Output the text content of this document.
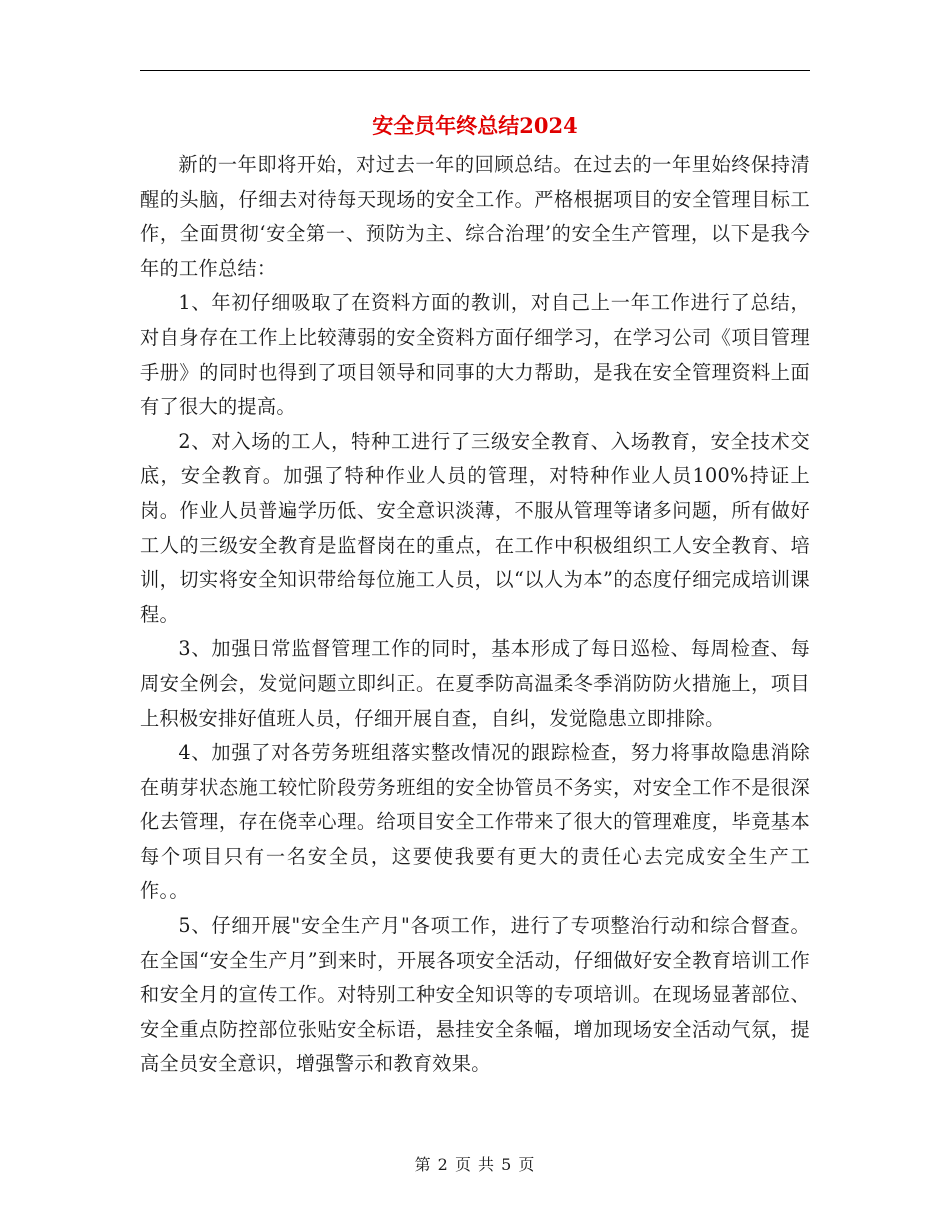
安全员年终总结2024

新的一年即将开始，对过去一年的回顾总结。在过去的一年里始终保持清醒的头脑，仔细去对待每天现场的安全工作。严格根据项目的安全管理目标工作，全面贯彻‘安全第一、预防为主、综合治理’的安全生产管理，以下是我今年的工作总结：

1、年初仔细吸取了在资料方面的教训，对自己上一年工作进行了总结，对自身存在工作上比较薄弱的安全资料方面仔细学习，在学习公司《项目管理手册》的同时也得到了项目领导和同事的大力帮助，是我在安全管理资料上面有了很大的提高。

2、对入场的工人，特种工进行了三级安全教育、入场教育，安全技术交底，安全教育。加强了特种作业人员的管理，对特种作业人员100%持证上岗。作业人员普遍学历低、安全意识淡薄，不服从管理等诸多问题，所有做好工人的三级安全教育是监督岗在的重点，在工作中积极组织工人安全教育、培训，切实将安全知识带给每位施工人员，以“以人为本”的态度仔细完成培训课程。

3、加强日常监督管理工作的同时，基本形成了每日巡检、每周检查、每周安全例会，发觉问题立即纠正。在夏季防高温柔冬季消防防火措施上，项目上积极安排好值班人员，仔细开展自查，自纠，发觉隐患立即排除。

4、加强了对各劳务班组落实整改情况的跟踪检查，努力将事故隐患消除在萌芽状态施工较忙阶段劳务班组的安全协管员不务实，对安全工作不是很深化去管理，存在侥幸心理。给项目安全工作带来了很大的管理难度，毕竟基本每个项目只有一名安全员，这要使我要有更大的责任心去完成安全生产工作。。

5、仔细开展"安全生产月"各项工作，进行了专项整治行动和综合督查。在全国“安全生产月”到来时，开展各项安全活动，仔细做好安全教育培训工作和安全月的宣传工作。对特别工种安全知识等的专项培训。在现场显著部位、安全重点防控部位张贴安全标语，悬挂安全条幅，增加现场安全活动气氛，提高全员安全意识，增强警示和教育效果。

第 2 页 共 5 页
